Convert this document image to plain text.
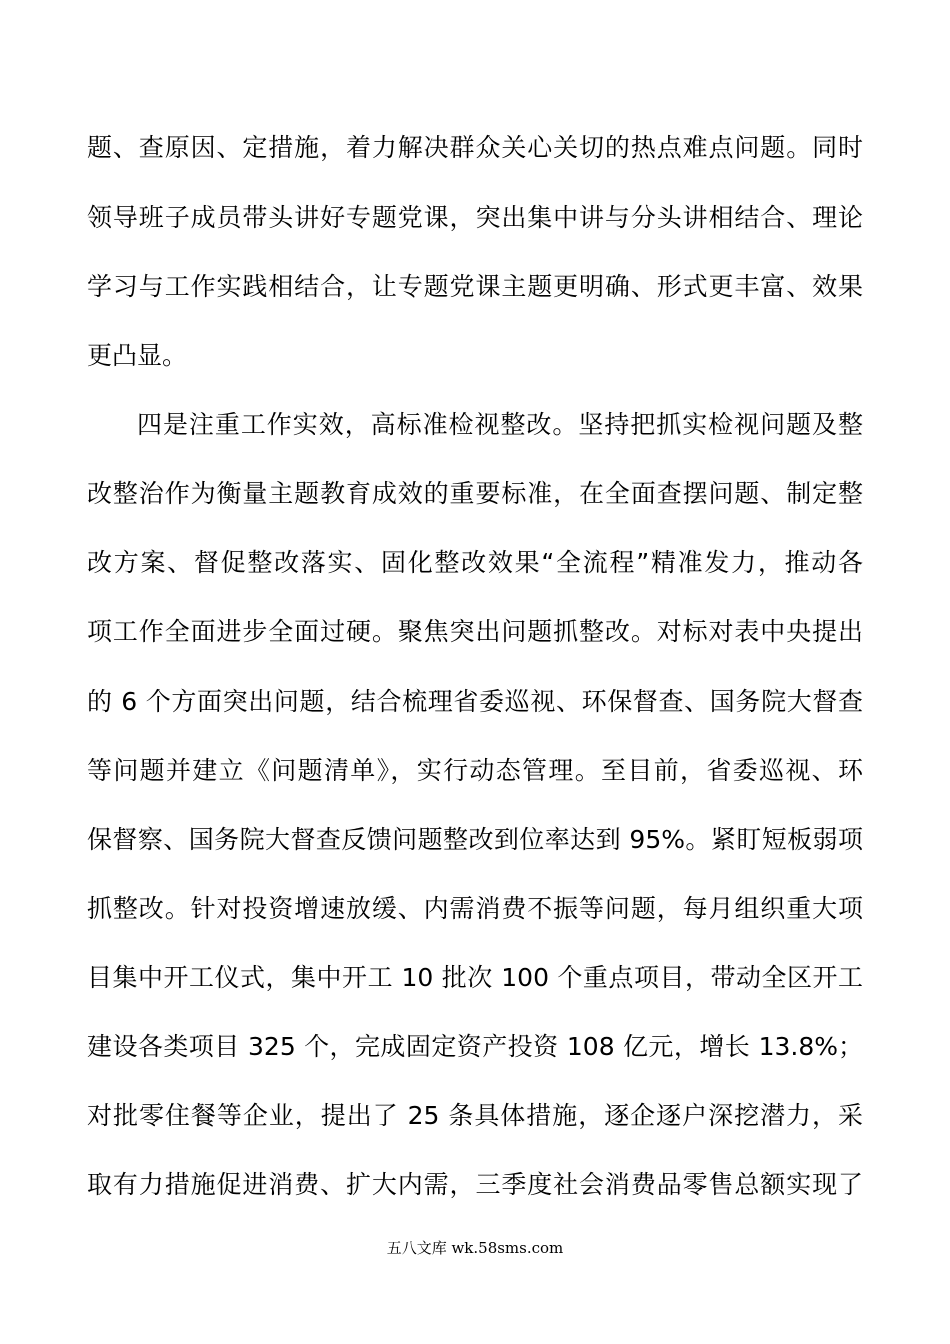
题、查原因、定措施，着力解决群众关心关切的热点难点问题。同时
领导班子成员带头讲好专题党课，突出集中讲与分头讲相结合、理论
学习与工作实践相结合，让专题党课主题更明确、形式更丰富、效果
更凸显。
四是注重工作实效，高标准检视整改。坚持把抓实检视问题及整
改整治作为衡量主题教育成效的重要标准，在全面查摆问题、制定整
改方案、督促整改落实、固化整改效果“全流程”精准发力，推动各
项工作全面进步全面过硬。聚焦突出问题抓整改。对标对表中央提出
的 6 个方面突出问题，结合梳理省委巡视、环保督查、国务院大督查
等问题并建立《问题清单》，实行动态管理。至目前，省委巡视、环
保督察、国务院大督查反馈问题整改到位率达到 95%。紧盯短板弱项
抓整改。针对投资增速放缓、内需消费不振等问题，每月组织重大项
目集中开工仪式，集中开工 10 批次 100 个重点项目，带动全区开工
建设各类项目 325 个，完成固定资产投资 108 亿元，增长 13.8%；
对批零住餐等企业，提出了 25 条具体措施，逐企逐户深挖潜力，采
取有力措施促进消费、扩大内需，三季度社会消费品零售总额实现了
五八文库 wk.58sms.com
